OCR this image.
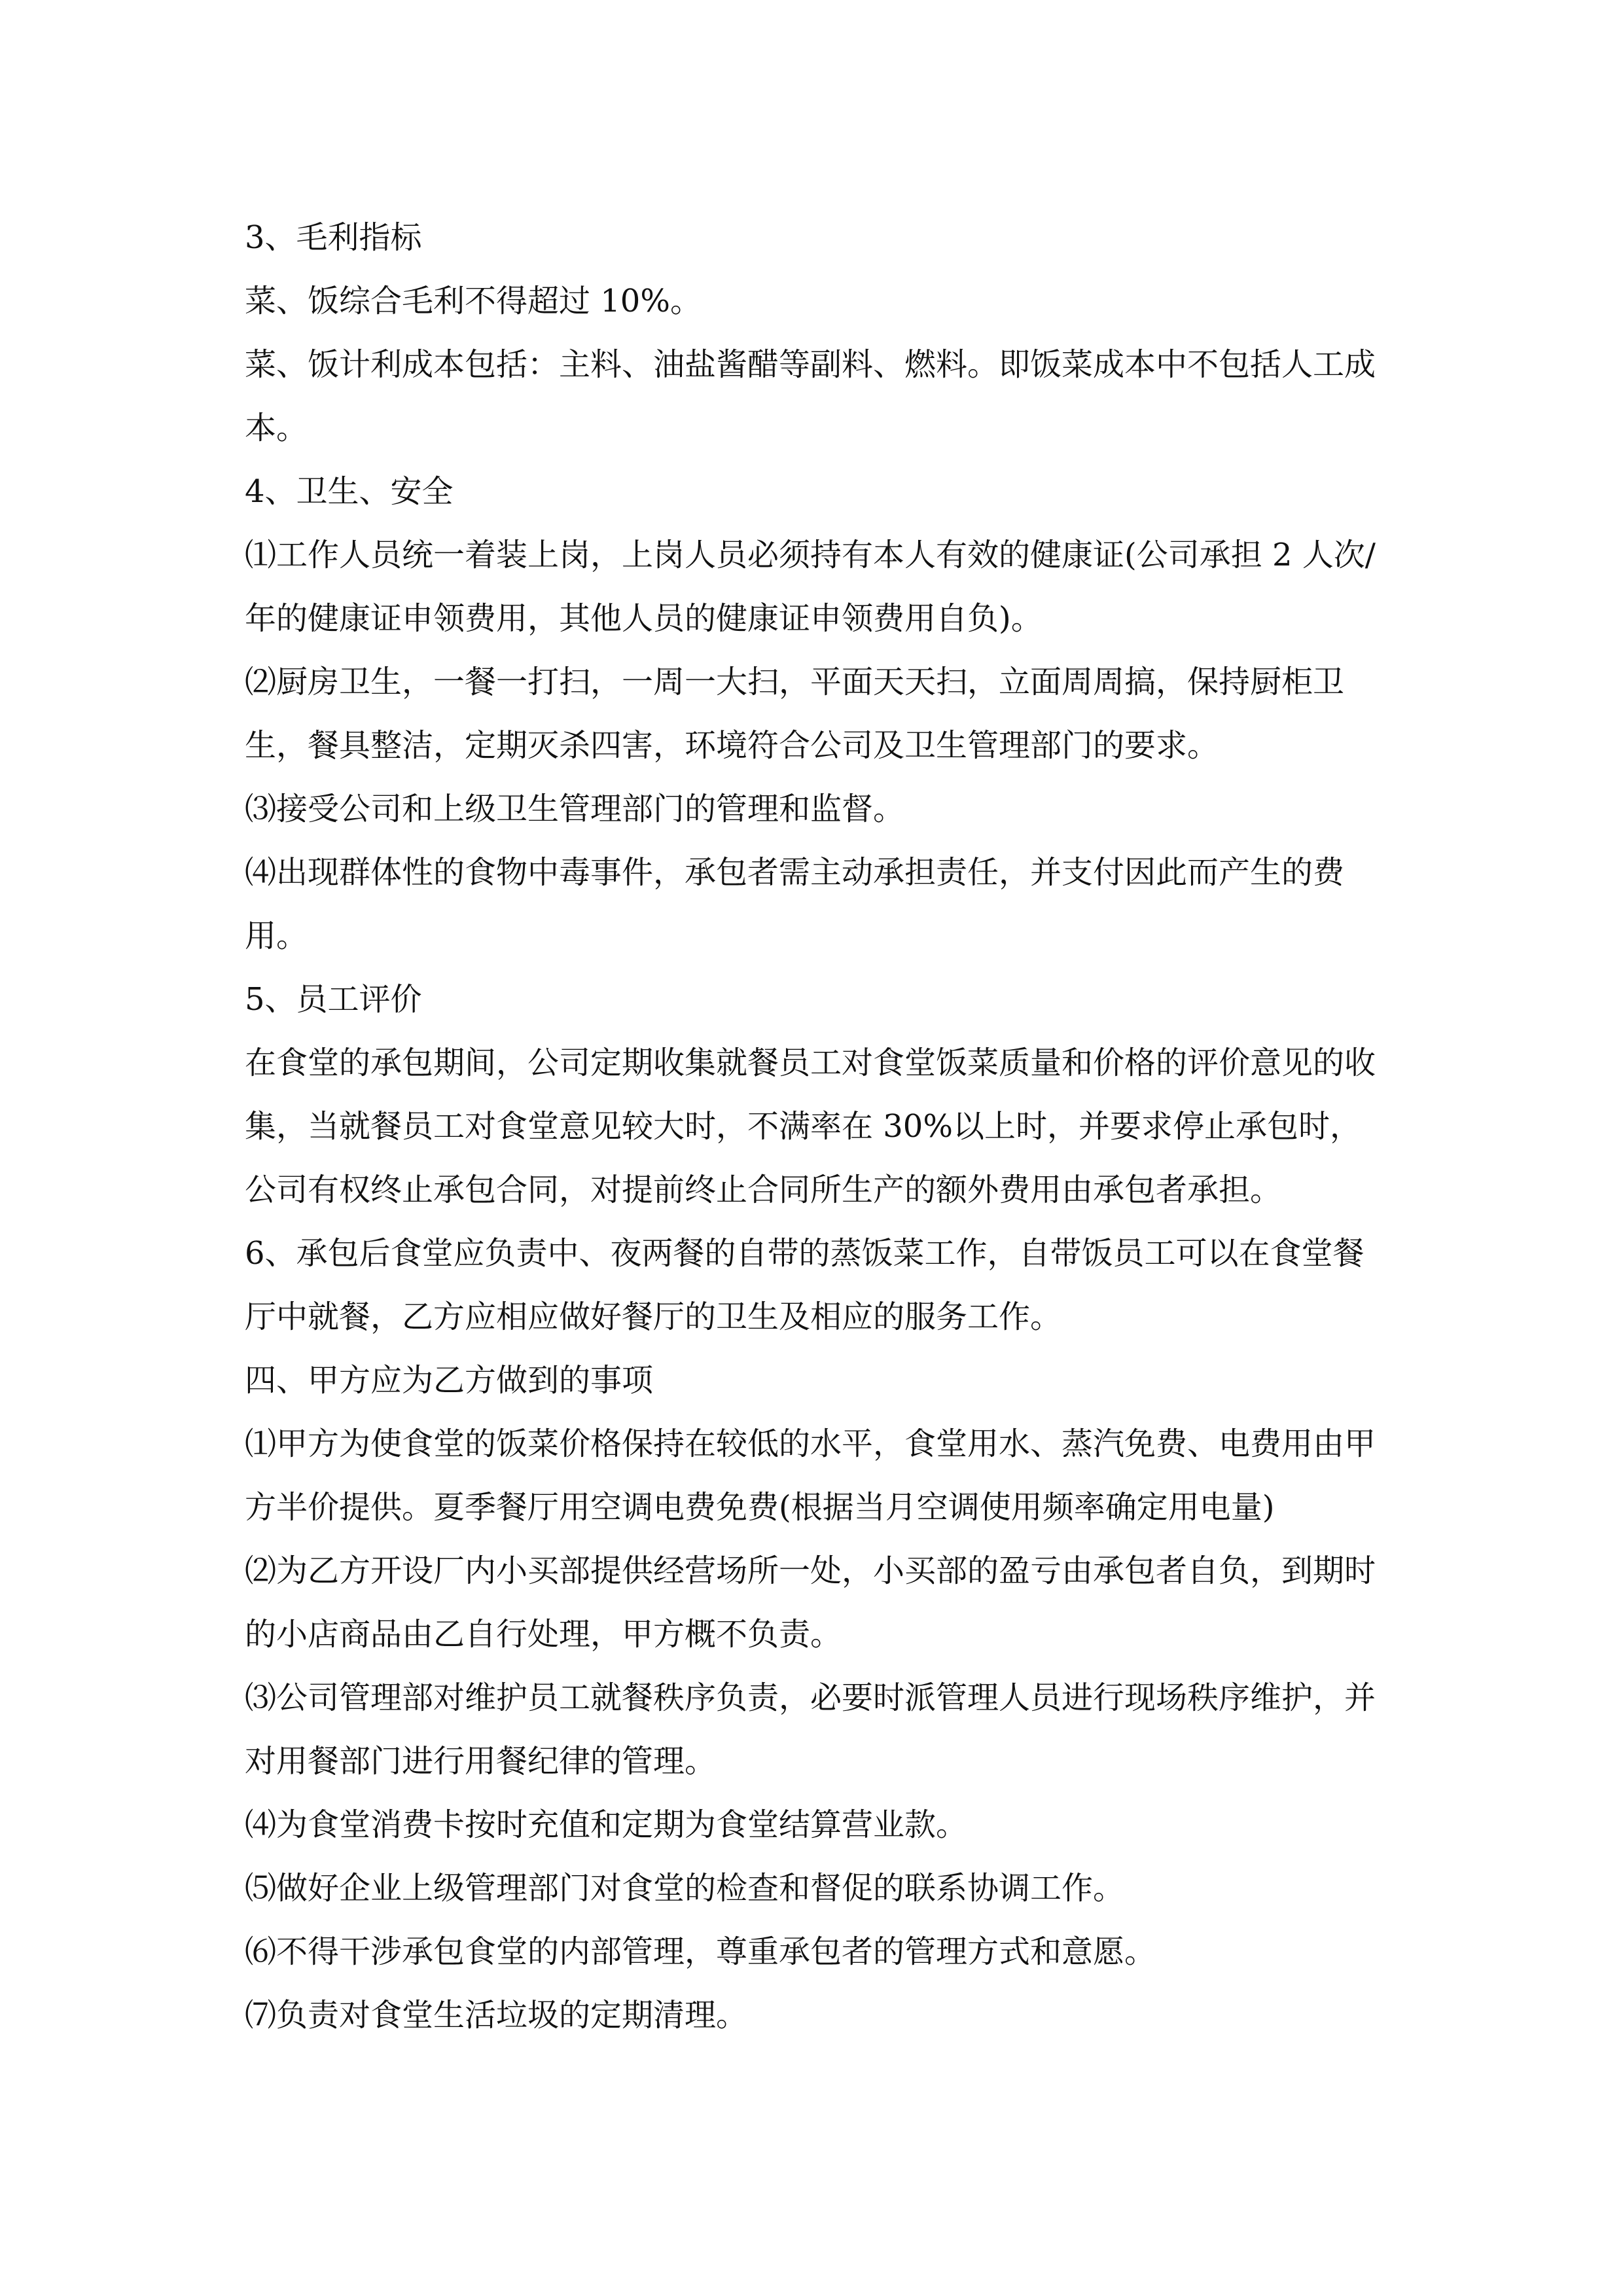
3、毛利指标

菜、饭综合毛利不得超过 10%。

菜、饭计利成本包括：主料、油盐酱醋等副料、燃料。即饭菜成本中不包括人工成本。

4、卫生、安全

⑴工作人员统一着装上岗，上岗人员必须持有本人有效的健康证(公司承担 2 人次/年的健康证申领费用，其他人员的健康证申领费用自负)。

⑵厨房卫生，一餐一打扫，一周一大扫，平面天天扫，立面周周搞，保持厨柜卫生，餐具整洁，定期灭杀四害，环境符合公司及卫生管理部门的要求。

⑶接受公司和上级卫生管理部门的管理和监督。

⑷出现群体性的食物中毒事件，承包者需主动承担责任，并支付因此而产生的费用。

5、员工评价

在食堂的承包期间，公司定期收集就餐员工对食堂饭菜质量和价格的评价意见的收集，当就餐员工对食堂意见较大时，不满率在 30%以上时，并要求停止承包时，公司有权终止承包合同，对提前终止合同所生产的额外费用由承包者承担。

6、承包后食堂应负责中、夜两餐的自带的蒸饭菜工作，自带饭员工可以在食堂餐厅中就餐，乙方应相应做好餐厅的卫生及相应的服务工作。

四、甲方应为乙方做到的事项

⑴甲方为使食堂的饭菜价格保持在较低的水平，食堂用水、蒸汽免费、电费用由甲方半价提供。夏季餐厅用空调电费免费(根据当月空调使用频率确定用电量)

⑵为乙方开设厂内小买部提供经营场所一处，小买部的盈亏由承包者自负，到期时的小店商品由乙自行处理，甲方概不负责。

⑶公司管理部对维护员工就餐秩序负责，必要时派管理人员进行现场秩序维护，并对用餐部门进行用餐纪律的管理。

⑷为食堂消费卡按时充值和定期为食堂结算营业款。

⑸做好企业上级管理部门对食堂的检查和督促的联系协调工作。

⑹不得干涉承包食堂的内部管理，尊重承包者的管理方式和意愿。

⑺负责对食堂生活垃圾的定期清理。
